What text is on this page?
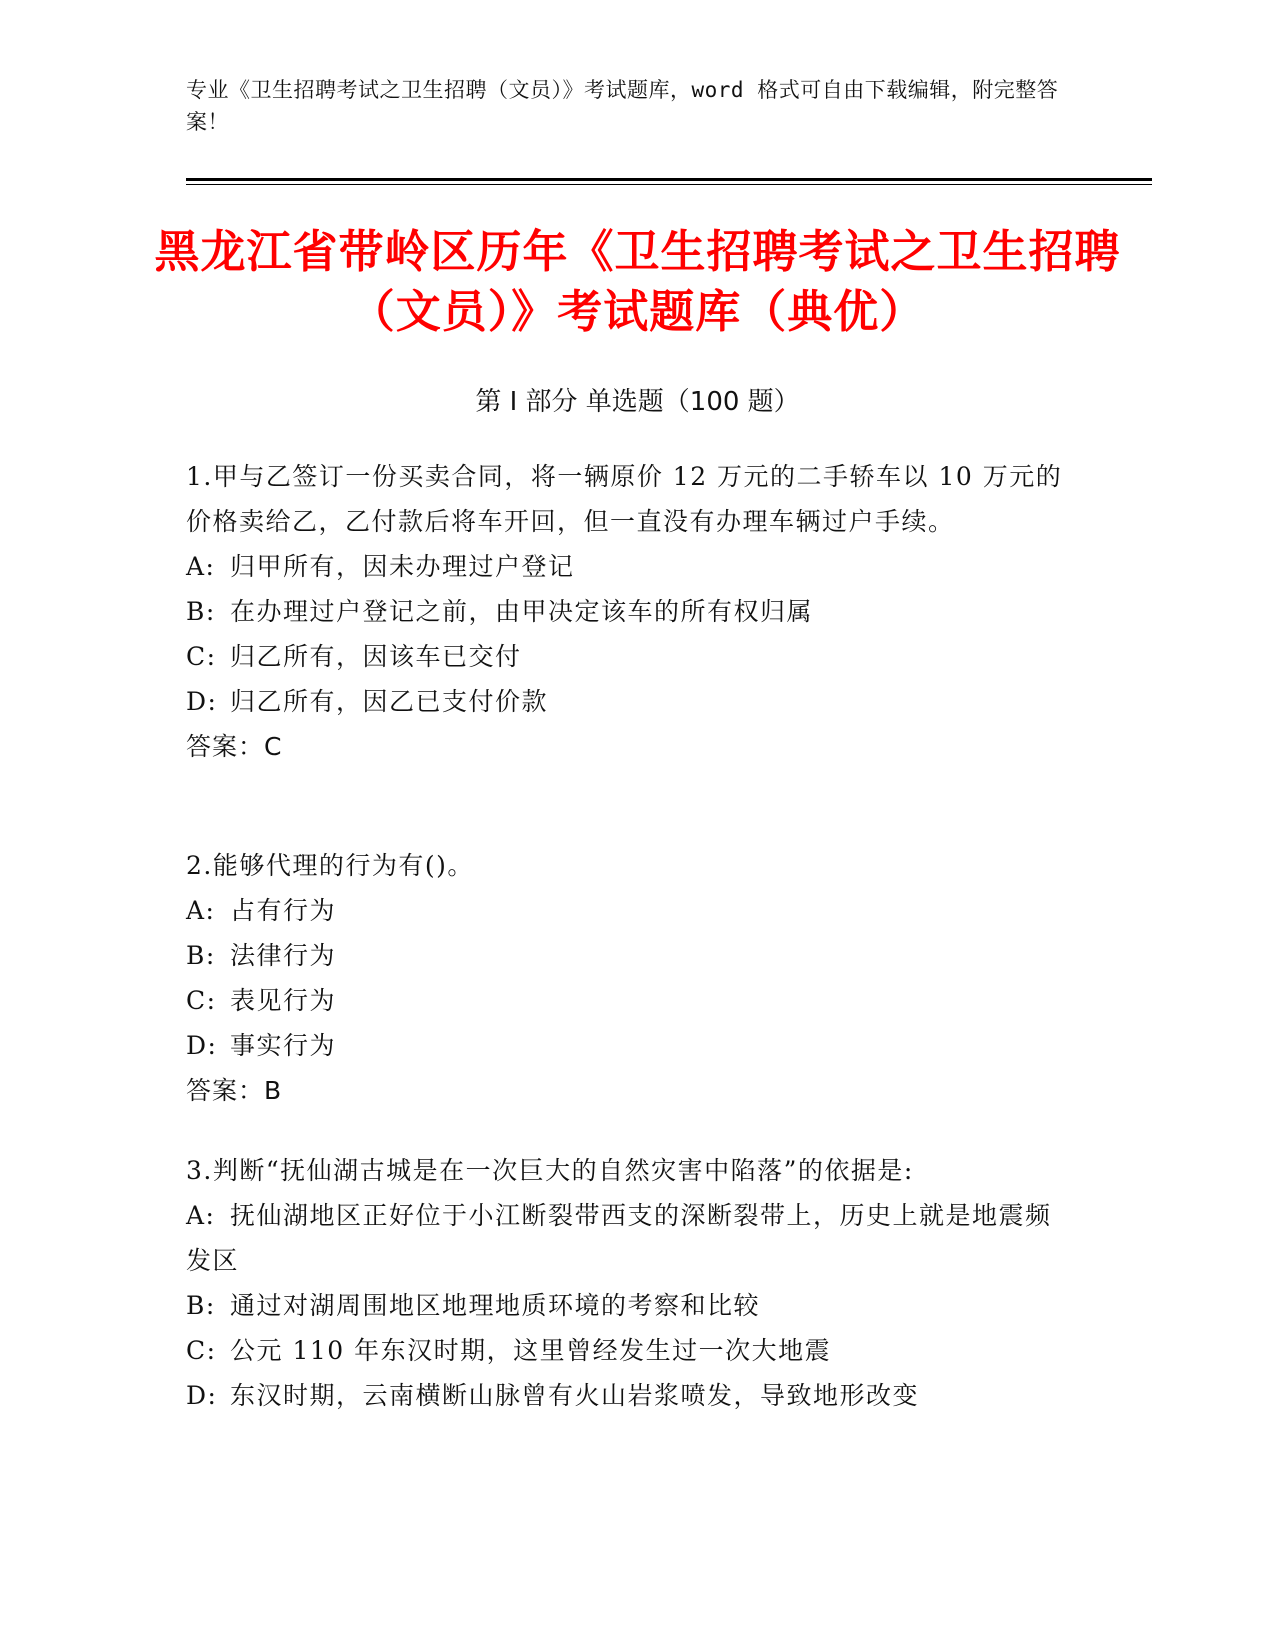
专业《卫生招聘考试之卫生招聘（文员）》考试题库，word 格式可自由下载编辑，附完整答案！
黑龙江省带岭区历年《卫生招聘考试之卫生招聘（文员）》考试题库（典优）
第 I 部分 单选题（100 题）
1.甲与乙签订一份买卖合同，将一辆原价 12 万元的二手轿车以 10 万元的价格卖给乙，乙付款后将车开回，但一直没有办理车辆过户手续。
A: 归甲所有，因未办理过户登记
B: 在办理过户登记之前，由甲决定该车的所有权归属
C: 归乙所有，因该车已交付
D: 归乙所有，因乙已支付价款
答案：C
2.能够代理的行为有()。
A: 占有行为
B: 法律行为
C: 表见行为
D: 事实行为
答案：B
3.判断“抚仙湖古城是在一次巨大的自然灾害中陷落”的依据是:
A: 抚仙湖地区正好位于小江断裂带西支的深断裂带上，历史上就是地震频发区
B: 通过对湖周围地区地理地质环境的考察和比较
C: 公元 110 年东汉时期，这里曾经发生过一次大地震
D: 东汉时期，云南横断山脉曾有火山岩浆喷发，导致地形改变
